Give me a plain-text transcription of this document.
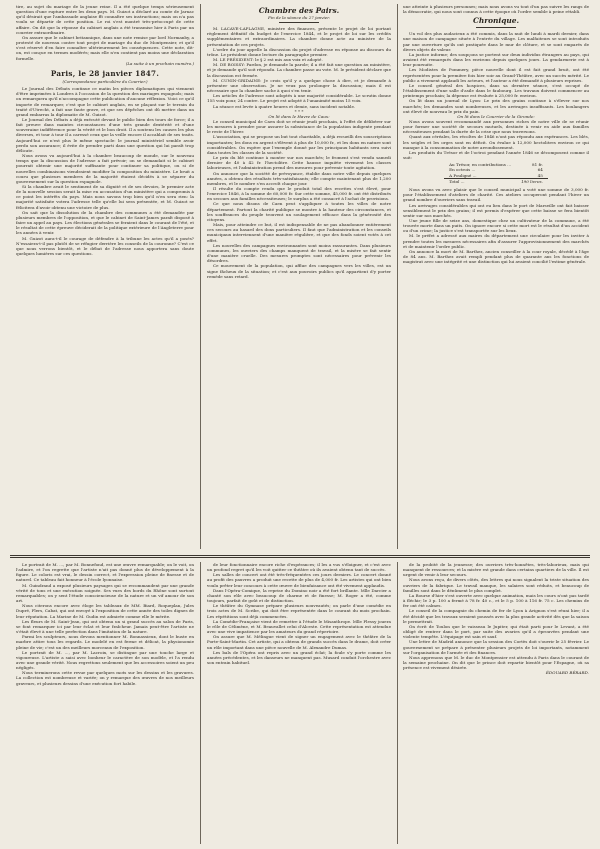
tire, au sujet du mariage de la jeune reine. Il a été quelque temps sérieusement question d'une rupture entre les deux pays. M. Guizot a déclaré au comte de Jarnac qu'il désirait que l'ambassade anglaise fît connaître ses instructions; mais on n'a pas voulu se départir de cette position. Le roi s'est montré très-préoccupé de cette affaire. On dit que la réponse du cabinet anglais a été transmise hier à Paris par un courrier extraordinaire.

On assure que le cabinet britannique, dans une note remise par lord Normanby, a protesté de nouveau contre tout projet de mariage du duc de Montpensier, et qu'il s'est réservé d'en faire connaître ultérieurement les conséquences. Cette note, dit-on, est conçue en termes modérés; mais elle n'en contient pas moins une déclaration formelle.

(La suite à un prochain numéro.)

Paris, le 28 janvier 1847.
(Correspondance particulière du Courrier.)

Le Journal des Débats continue ce matin les pièces diplomatiques qui viennent d'être imprimées à Londres à l'occasion de la question des mariages espagnols; mais on remarquera qu'il n'accompagne cette publication d'aucune réflexion. Voici ce qu'il importe de remarquer, c'est que le cabinet anglais, en se plaçant sur le terrain du traité d'Utrecht, a fait une faute grave, et que ses dépêches ont dû mettre dans un grand embarras la diplomatie de M. Guizot.

Le Journal des Débats a déjà exécuté devant le public bien des tours de force; il a fait preuve dans maintes circonstances d'une très grande dextérité et d'une souveraine indifférence pour la vérité et le bon droit. Il a soutenu les causes les plus diverses, et tour à tour il a caressé ceux que la veille encore il accablait de ses traits. Aujourd'hui ce n'est plus le même spectacle: le journal ministériel semble avoir perdu son assurance; il évite de prendre parti dans une question qui lui paraît trop délicate.

Nous avons vu aujourd'hui à la chambre beaucoup de monde, sur le nouveau temps que la discussion de l'adresse a fait prévoir; on se demandait si le cabinet pourrait obtenir une majorité suffisante pour continuer sa politique, ou si de nouvelles combinaisons viendraient modifier la composition du ministère. Le bruit a couru que plusieurs membres de la majorité étaient décidés à se séparer du gouvernement sur la question espagnole.

Si la chambre avait le sentiment de sa dignité et de ses devoirs, le premier acte de la nouvelle session serait la mise en accusation d'un ministère qui a compromis à ce point les intérêts du pays. Mais nous savons trop bien qu'il n'en sera rien: la majorité satisfaite votera l'adresse telle qu'elle lui sera présentée, et M. Guizot se félicitera d'avoir obtenu une victoire de plus.

On sait que la dissolution de la chambre des communes a été demandée par plusieurs membres de l'opposition, et que le cabinet de Saint-James paraît disposé à faire un appel au pays. Les élections générales se feraient dans le courant de l'été, et le résultat de cette épreuve déciderait de la politique extérieure de l'Angleterre pour les années à venir.

M. Guizot aura-t-il le courage de défendre à la tribune les actes qu'il a posés? N'essaiera-t-il pas plutôt de se réfugier derrière les conseils de la couronne? C'est ce que nous verrons bientôt, et le débat de l'adresse nous apportera sans doute quelques lumières sur ces questions.

Chambre des Pairs.
Fin de la séance du 27 janvier.

M. LACAVE-LAPLAGNE, ministre des finances, présente le projet de loi portant règlement définitif du budget de l'exercice 1844, et le projet de loi sur les crédits supplémentaires et extraordinaires. La chambre donne acte au ministre de la présentation de ces projets.

L'ordre du jour appelle la discussion du projet d'adresse en réponse au discours du trône. Le président donne lecture du paragraphe premier.

M. LE PRÉSIDENT: le § 2 est mis aux voix et adopté.

M. DE BOISSY: Pardon, je demande la parole; il a été fait une question au ministère, et je demande qu'il soit répondu. La chambre passe au vote. M. le président déclare que la discussion est fermée.

M. CUNIN-GRIDAINE: Je crois qu'il y a quelque chose à dire, et je demande à présenter une observation. Je ne veux pas prolonger la discussion; mais il est nécessaire que la chambre sache à quoi s'en tenir.

Les articles de l'adresse sont adoptés à une majorité considérable. Le scrutin donne 155 voix pour, 24 contre. Le projet est adopté à l'unanimité moins 15 voix.

La séance est levée à quatre heures et demie, sans incident notable.

* * *

On lit dans le Havre de Caux:

Le conseil municipal de Caen doit se réunir jeudi prochain, à l'effet de délibérer sur les mesures à prendre pour assurer la subsistance de la population indigente pendant le reste de l'hiver.

L'association, qui se propose un but tout charitable, a déjà recueilli des souscriptions importantes; les dons en argent s'élèvent à plus de 10,000 fr., et les dons en nature sont considérables. On espère que l'exemple donné par les principaux habitants sera suivi dans toutes les classes de la société.

Le prix du blé continue à monter sur nos marchés; le froment s'est vendu samedi dernier de 40 à 42 fr. l'hectolitre. Cette hausse inquiète vivement les classes laborieuses, et l'administration prend des mesures pour prévenir toute agitation.

On annonce que la société de prévoyance, établie dans notre ville depuis quelques années, a obtenu des résultats très-satisfaisants; elle compte maintenant plus de 1,200 membres, et le nombre s'en accroît chaque jour.

Il résulte du compte rendu que le produit total des recettes s'est élevé, pour l'exercice 1846, à la somme de 60,000 fr. Sur cette somme, 45,000 fr. ont été distribués en secours aux familles nécessiteuses; le surplus a été consacré à l'achat de provisions.

Ce que nous disons de Caen peut s'appliquer à toutes les villes de notre département. Partout la charité publique se montre à la hauteur des circonstances, et les souffrances du peuple trouvent un soulagement efficace dans la générosité des citoyens.

Mais, pour atteindre ce but, il est indispensable de ne pas abandonner entièrement ces secours au hasard des dons particuliers. Il faut que l'administration et les conseils municipaux interviennent d'une manière régulière, et que des fonds soient votés à cet effet.

Les nouvelles des campagnes environnantes sont moins rassurantes. Dans plusieurs communes, les ouvriers des champs manquent de travail, et la misère se fait sentir d'une manière cruelle. Des mesures promptes sont nécessaires pour prévenir les désordres.

Ce mouvement de la population, qui afflue des campagnes vers les villes, est un signe fâcheux de la situation; et c'est aux pouvoirs publics qu'il appartient d'y porter remède sans retard.

une atteinte à plusieurs personnes; mais nous avons vu tout d'un pas suivre les rangs de la démocratie, qui nous sont connus à cette époque où l'ordre semble à peine rétabli.

Chronique.

Un vol des plus audacieux a été commis, dans la nuit de lundi à mardi dernier, dans une maison de campagne située à l'entrée du village. Les malfaiteurs se sont introduits par une ouverture qu'ils ont pratiquée dans le mur de clôture, et se sont emparés de divers objets de valeur.

La justice informe; des soupçons se portent sur deux individus étrangers au pays, qui avaient été remarqués dans les environs depuis quelques jours. La gendarmerie est à leur poursuite.

Les Modistes de Pommery, pièce nouvelle dont il est fait grand bruit, ont été représentées pour la première fois hier soir au Grand-Théâtre, avec un succès mérité. Le public a vivement applaudi les acteurs, et l'auteur a été demandé à plusieurs reprises.

Le conseil général des hospices, dans sa dernière séance, s'est occupé de l'établissement d'une salle d'asile dans le faubourg. Les travaux doivent commencer au printemps prochain; la dépense est évaluée à 25,000 fr. environ.

On lit dans un journal de Lyon: Le prix des grains continue à s'élever sur nos marchés; les demandes sont nombreuses, et les arrivages insuffisants. Les boulangers ont élevé de nouveau le prix du pain.

On lit dans le Courrier de la Gironde:

Nous avons souvent recommandé aux personnes riches de notre ville de se réunir pour former une société de secours mutuels, destinée à venir en aide aux familles nécessiteuses pendant la durée de la crise que nous traversons.

Quant aux céréales, les récoltes de 1846 n'ont pas répondu aux espérances. Les blés, les seigles et les orges sont en déficit. On évalue à 12,000 hectolitres environ ce qui manque à la consommation de notre arrondissement.

Les produits du Trésor et de l'octroi pendant l'année 1846 se décomposent comme il suit:

Au Trésor, en contributions ...	81 fr.
En octrois ...	64
A Pouligné ...	45
Total ...	190 livres.

Nous avons vu avec plaisir que le conseil municipal a voté une somme de 3,000 fr. pour l'établissement d'ateliers de charité. Ces ateliers occuperont pendant l'hiver un grand nombre d'ouvriers sans travail.

Les arrivages considérables qui ont eu lieu dans le port de Marseille ont fait baisser sensiblement le prix des grains; il est permis d'espérer que cette baisse se fera bientôt sentir sur nos marchés.

Une jeune fille de seize ans, domestique chez un cultivateur de la commune, a été trouvée morte dans un puits. On ignore encore si cette mort est le résultat d'un accident ou d'un crime; la justice s'est transportée sur les lieux.

M. le préfet a adressé aux maires du département une circulaire pour les inviter à prendre toutes les mesures nécessaires afin d'assurer l'approvisionnement des marchés et de maintenir l'ordre public.

On annonce la mort de M. Barthez, ancien conseiller à la cour royale, décédé à l'âge de 84 ans. M. Barthez avait rempli pendant plus de quarante ans les fonctions de magistrat avec une intégrité et une distinction qui lui avaient concilié l'estime générale.

Le portrait de M. ..., par M. Bonnefond, est une œuvre remarquable; on le voit, on l'admire, et l'on regrette que l'artiste n'ait pas donné plus de développement à la figure. Le coloris est vrai, le dessin correct, et l'expression pleine de finesse et de naturel. Ce tableau fait honneur à l'école lyonnaise.

M. Guindrand a exposé plusieurs paysages qui se recommandent par une grande vérité de tons et une exécution soignée. Ses vues des bords du Rhône sont surtout remarquables; on y sent l'étude consciencieuse de la nature et un vif amour de son art.

Nous citerons encore avec éloge les tableaux de MM. Biard, Roqueplan, Jules Dupré, Flers, Cabat, qui ont envoyé à l'exposition de cette année des toiles dignes de leur réputation. La Marine de M. Gudin est admirée comme elle le mérite.

Les fleurs de M. Saint-Jean, qui ont obtenu un si grand succès au salon de Paris, se font remarquer ici par leur éclat et leur fraîcheur. Jamais peut-être l'artiste ne s'était élevé à une telle perfection dans l'imitation de la nature.

Parmi les sculpteurs, nous devons mentionner M. Bonnassieux, dont le buste en marbre attire tous les regards. Le modelé en est ferme et délicat, la physionomie pleine de vie; c'est un des meilleurs morceaux de l'exposition.

Le portrait de M. ..., par M. Lacroix, se distingue par une touche large et vigoureuse. L'artiste a saisi avec bonheur le caractère de son modèle, et l'a rendu avec une grande vérité. Nous regrettons seulement que les accessoires soient un peu négligés.

Nous terminerons cette revue par quelques mots sur les dessins et les gravures. La collection est nombreuse et variée; on y remarque des œuvres de nos meilleurs graveurs, et plusieurs dessins d'une exécution fort habile.

de leur fonctionnaire encore riche d'espérances; il les a vus s'éloigner, et c'est avec un profond regret qu'il les voit quitter ce théâtre où ils avaient obtenu tant de succès.

Les salles de concert ont été très-fréquentées ces jours derniers. Le concert donné au profit des pauvres a produit une recette de plus de 4,000 fr. Les artistes qui ont bien voulu prêter leur concours à cette œuvre de bienfaisance ont été vivement applaudis.

Dans l'Opéra-Comique, la reprise du Domino noir a été fort brillante. Mlle Darcier a chanté son rôle avec beaucoup de charme et de finesse; M. Roger a été, comme toujours, parfait de goût et de distinction.

Le théâtre du Gymnase prépare plusieurs nouveautés; on parle d'une comédie en trois actes de M. Scribe, qui doit être représentée dans le courant du mois prochain. Les répétitions sont déjà commencées.

La Comédie-Française vient de remettre à l'étude le Misanthrope. Mlle Plessy jouera le rôle de Célimène, et M. Beauvallet celui d'Alceste. Cette représentation est attendue avec une vive impatience par les amateurs du grand répertoire.

On assure que M. Mélingue vient de signer un engagement avec le théâtre de la Porte-Saint-Martin. Cet artiste, qui a obtenu de grands succès dans le drame, doit créer un rôle important dans une pièce nouvelle de M. Alexandre Dumas.

Les bals de l'Opéra ont repris avec un grand éclat; la foule s'y porte comme les années précédentes, et les danseurs ne manquent pas. Musard conduit l'orchestre avec son entrain habituel.

de la probité de la jeunesse; des ouvriers très-honnêtes, très-laborieux, mais qui manquent de ressources; et la misère est grande dans certains quartiers de la ville. Il est urgent de venir à leur secours.

Nous avons reçu, de divers côtés, des lettres qui nous signalent la triste situation des ouvriers de la fabrique. Le travail manque, les salaires sont réduits, et beaucoup de familles sont dans le dénûment le plus complet.

La Bourse d'hier s'est ouverte avec quelque animation, mais les cours n'ont pas tardé à fléchir; le 3 p. 100 a fermé à 78 fr. 40 c., et le 5 p. 100 à 116 fr. 75 c. Les chemins de fer ont été calmes.

Le conseil de la compagnie du chemin de fer de Lyon à Avignon s'est réuni hier; il a été décidé que les travaux seraient poussés avec la plus grande activité dès que la saison le permettrait.

On écrit de Toulon que le vaisseau le Jupiter, qui était parti pour le Levant, a été obligé de rentrer dans le port, par suite des avaries qu'il a éprouvées pendant une violente tempête. L'équipage est sain et sauf.

Une lettre de Madrid annonce que la session des Cortès doit s'ouvrir le 25 février. Le gouvernement se prépare à présenter plusieurs projets de loi importants, notamment sur l'organisation de l'armée et des finances.

Nous apprenons que M. le duc de Montpensier est attendu à Paris dans le courant de la semaine prochaine. On dit que le prince doit repartir bientôt pour l'Espagne, où sa présence est vivement désirée.

ÉDOUARD BÉRARD.
